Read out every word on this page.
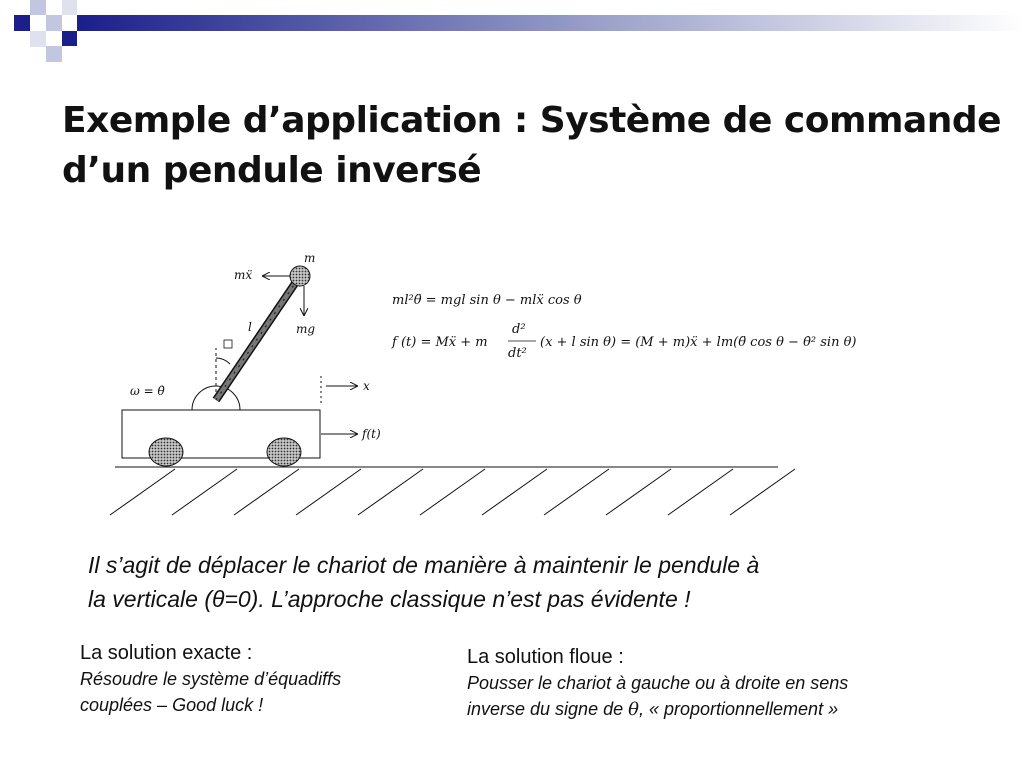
Exemple d’application : Système de commande
d’un pendule inversé
m
mẍ
mg
l
ω = θ̇	x
f(t)
ml²θ̈ = mgl sin θ − mlẍ cos θ
f (t) = Mẍ + m
d²
dt²
(x + l sin θ) = (M + m)ẍ + lm(θ̈ cos θ − θ̇² sin θ)

Il s’agit de déplacer le chariot de manière à maintenir le pendule à
la verticale (θ=0). L’approche classique n’est pas évidente !

La solution exacte :
Résoudre le système d’équadiffs
couplées – Good luck !
La solution floue :
Pousser le chariot à gauche ou à droite en sens
inverse du signe de θ, « proportionnellement »
